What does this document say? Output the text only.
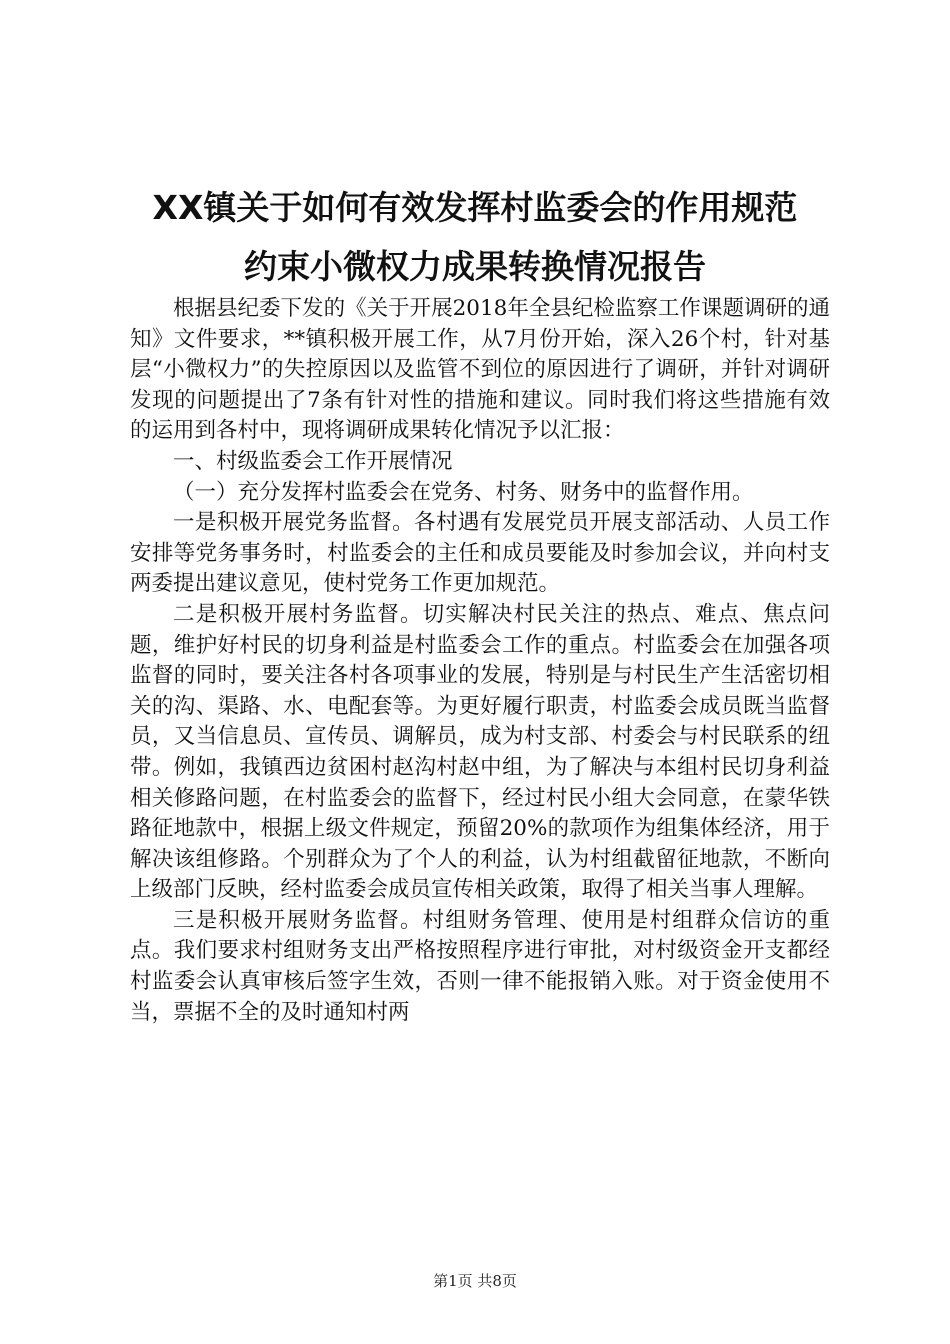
XX镇关于如何有效发挥村监委会的作用规范
约束小微权力成果转换情况报告

根据县纪委下发的《关于开展2018年全县纪检监察工作课题调研的通知》文件要求，**镇积极开展工作，从7月份开始，深入26个村，针对基层“小微权力”的失控原因以及监管不到位的原因进行了调研，并针对调研发现的问题提出了7条有针对性的措施和建议。同时我们将这些措施有效的运用到各村中，现将调研成果转化情况予以汇报：

一、村级监委会工作开展情况

（一）充分发挥村监委会在党务、村务、财务中的监督作用。

一是积极开展党务监督。各村遇有发展党员开展支部活动、人员工作安排等党务事务时，村监委会的主任和成员要能及时参加会议，并向村支两委提出建议意见，使村党务工作更加规范。

二是积极开展村务监督。切实解决村民关注的热点、难点、焦点问题，维护好村民的切身利益是村监委会工作的重点。村监委会在加强各项监督的同时，要关注各村各项事业的发展，特别是与村民生产生活密切相关的沟、渠路、水、电配套等。为更好履行职责，村监委会成员既当监督员，又当信息员、宣传员、调解员，成为村支部、村委会与村民联系的纽带。例如，我镇西边贫困村赵沟村赵中组，为了解决与本组村民切身利益相关修路问题，在村监委会的监督下，经过村民小组大会同意，在蒙华铁路征地款中，根据上级文件规定，预留20%的款项作为组集体经济，用于解决该组修路。个别群众为了个人的利益，认为村组截留征地款，不断向上级部门反映，经村监委会成员宣传相关政策，取得了相关当事人理解。

三是积极开展财务监督。村组财务管理、使用是村组群众信访的重点。我们要求村组财务支出严格按照程序进行审批，对村级资金开支都经村监委会认真审核后签字生效，否则一律不能报销入账。对于资金使用不当，票据不全的及时通知村两

第1页 共8页
